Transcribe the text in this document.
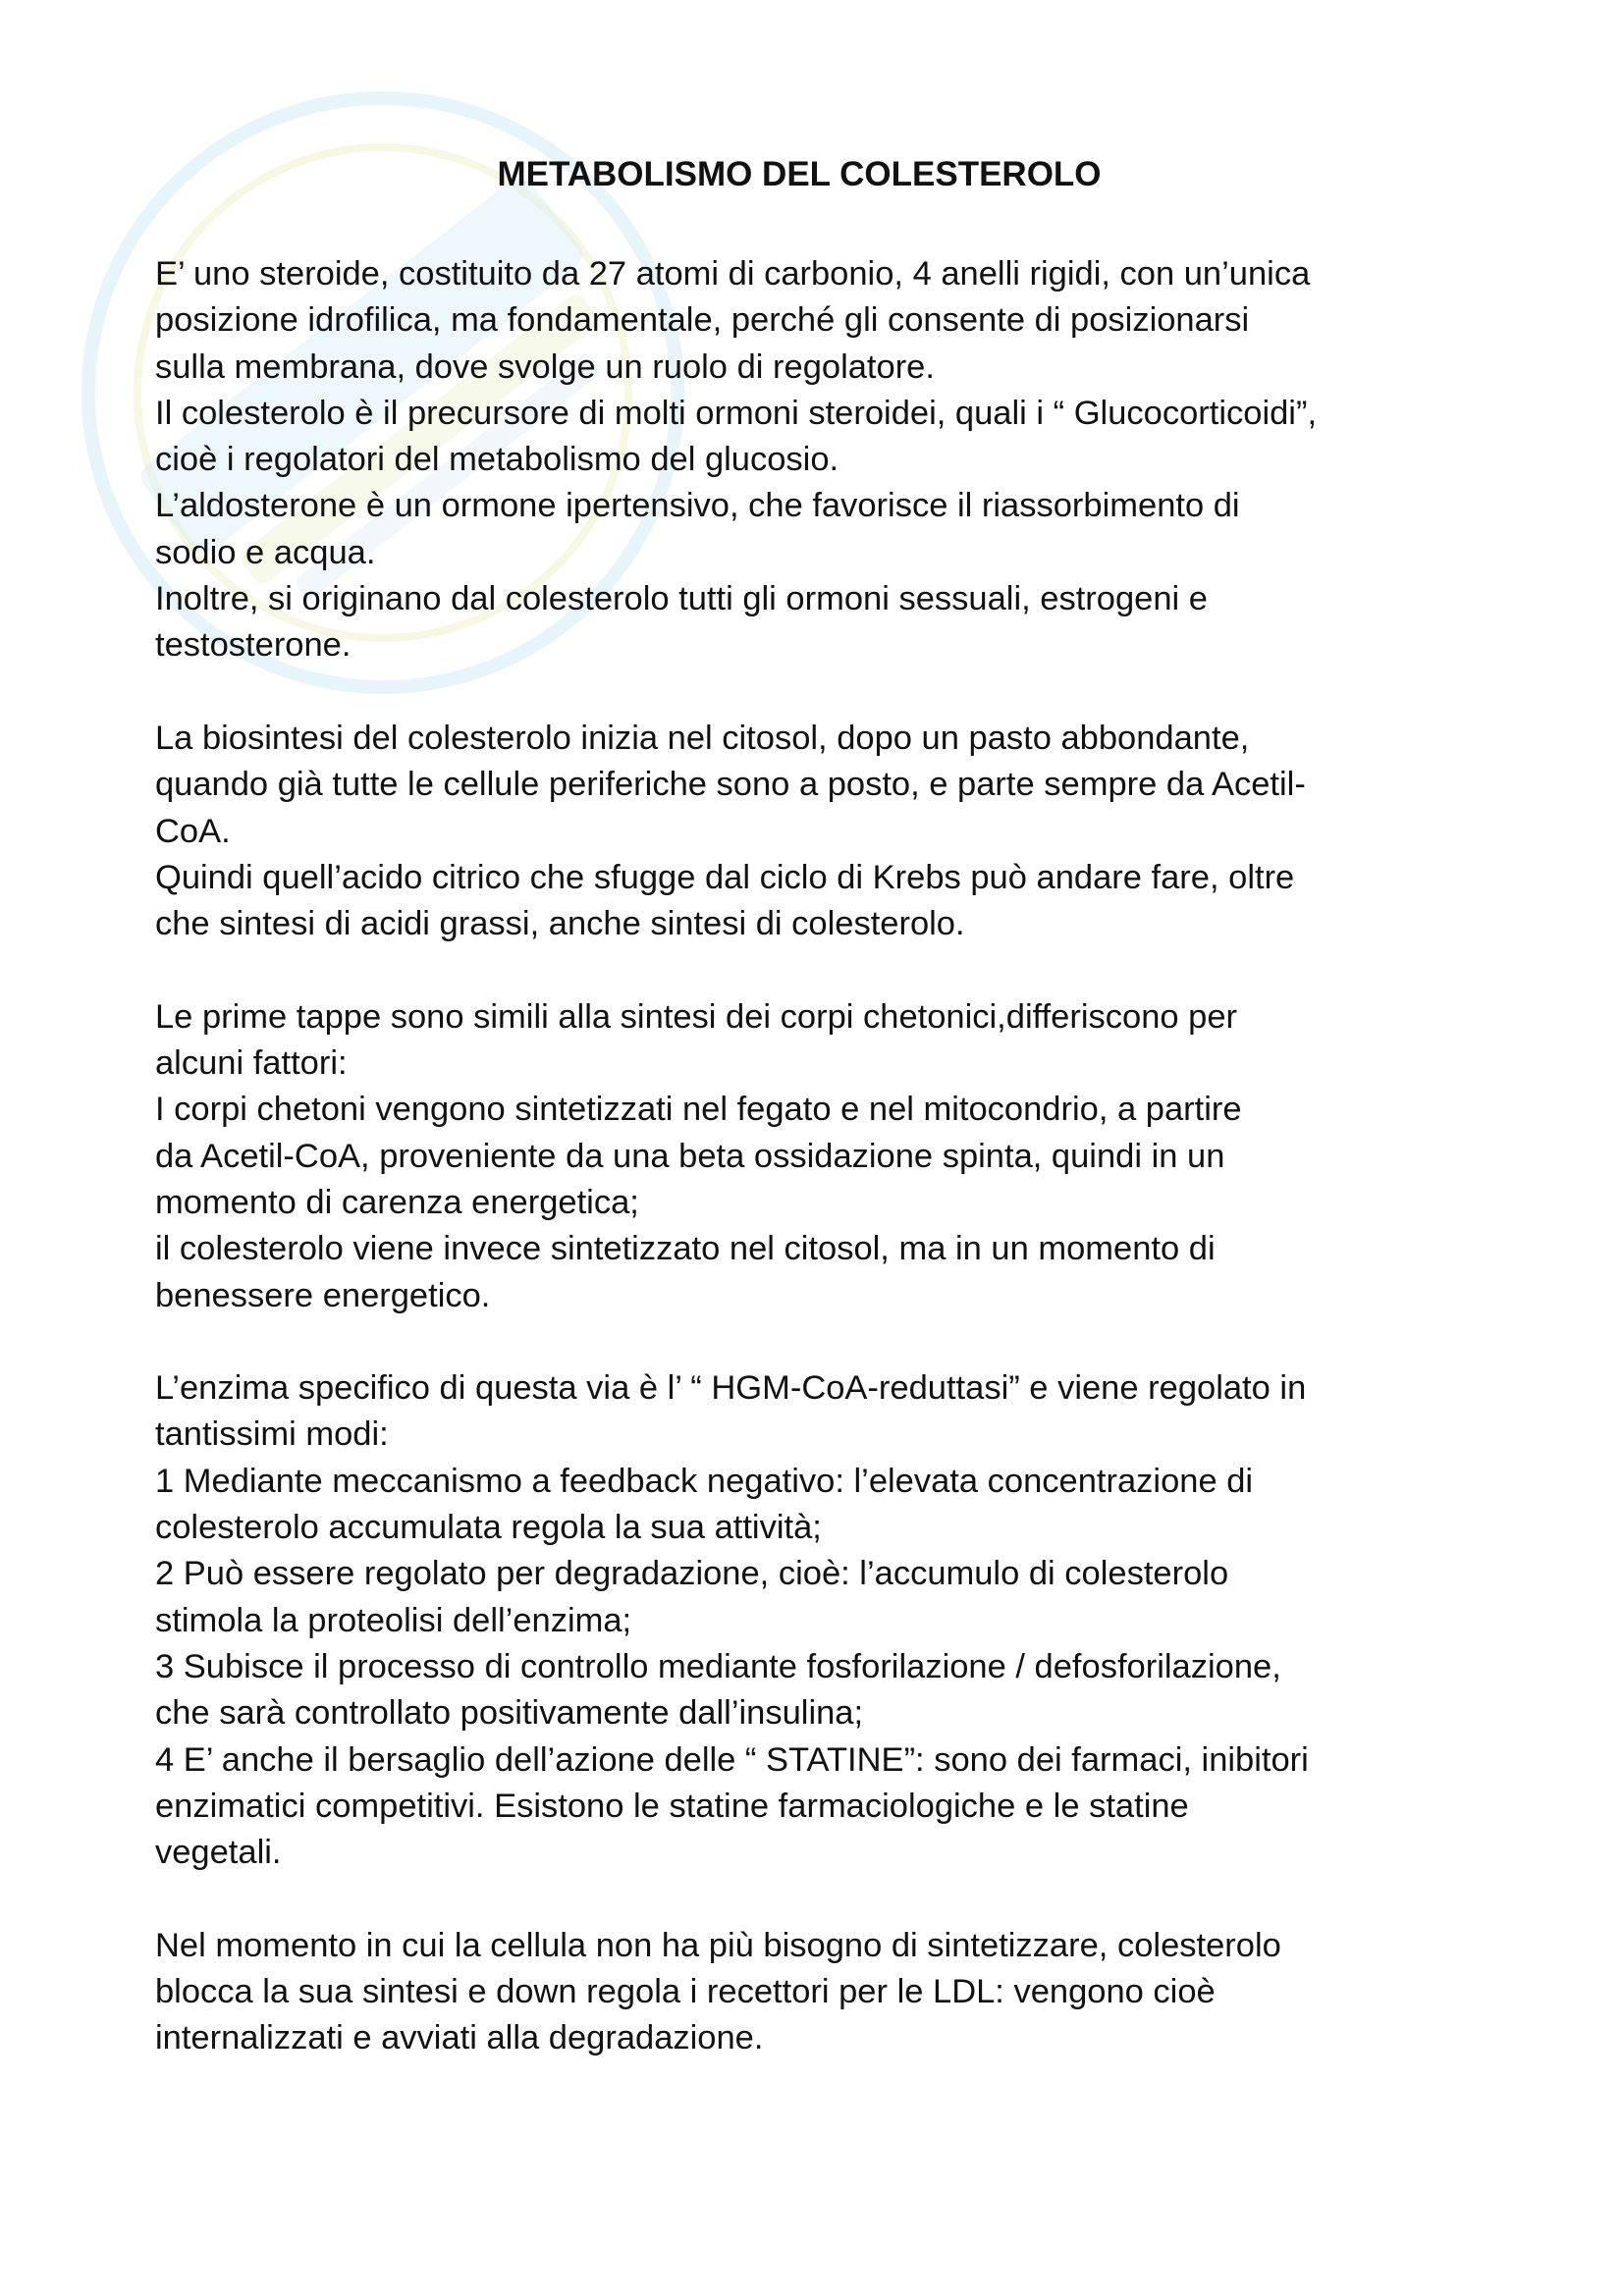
METABOLISMO DEL COLESTEROLO

E’ uno steroide, costituito da 27 atomi di carbonio, 4 anelli rigidi, con un’unica
posizione idrofilica, ma fondamentale, perché gli consente di posizionarsi
sulla membrana, dove svolge un ruolo di regolatore.
Il colesterolo è il precursore di molti ormoni steroidei, quali i “ Glucocorticoidi”,
cioè i regolatori del metabolismo del glucosio.
L’aldosterone è un ormone ipertensivo, che favorisce il riassorbimento di
sodio e acqua.
Inoltre, si originano dal colesterolo tutti gli ormoni sessuali, estrogeni e
testosterone.

La biosintesi del colesterolo inizia nel citosol, dopo un pasto abbondante,
quando già tutte le cellule periferiche sono a posto, e parte sempre da Acetil-
CoA.
Quindi quell’acido citrico che sfugge dal ciclo di Krebs può andare fare, oltre
che sintesi di acidi grassi, anche sintesi di colesterolo.

Le prime tappe sono simili alla sintesi dei corpi chetonici,differiscono per
alcuni fattori:
I corpi chetoni vengono sintetizzati nel fegato e nel mitocondrio, a partire
da Acetil-CoA, proveniente da una beta ossidazione spinta, quindi in un
momento di carenza energetica;
il colesterolo viene invece sintetizzato nel citosol, ma in un momento di
benessere energetico.

L’enzima specifico di questa via è l’ “ HGM-CoA-reduttasi” e viene regolato in
tantissimi modi:
1 Mediante meccanismo a feedback negativo: l’elevata concentrazione di
colesterolo accumulata regola la sua attività;
2 Può essere regolato per degradazione, cioè: l’accumulo di colesterolo
stimola la proteolisi dell’enzima;
3 Subisce il processo di controllo mediante fosforilazione / defosforilazione,
che sarà controllato positivamente dall’insulina;
4 E’ anche il bersaglio dell’azione delle “ STATINE”: sono dei farmaci, inibitori
enzimatici competitivi. Esistono le statine farmaciologiche e le statine
vegetali.

Nel momento in cui la cellula non ha più bisogno di sintetizzare, colesterolo
blocca la sua sintesi e down regola i recettori per le LDL: vengono cioè
internalizzati e avviati alla degradazione.
